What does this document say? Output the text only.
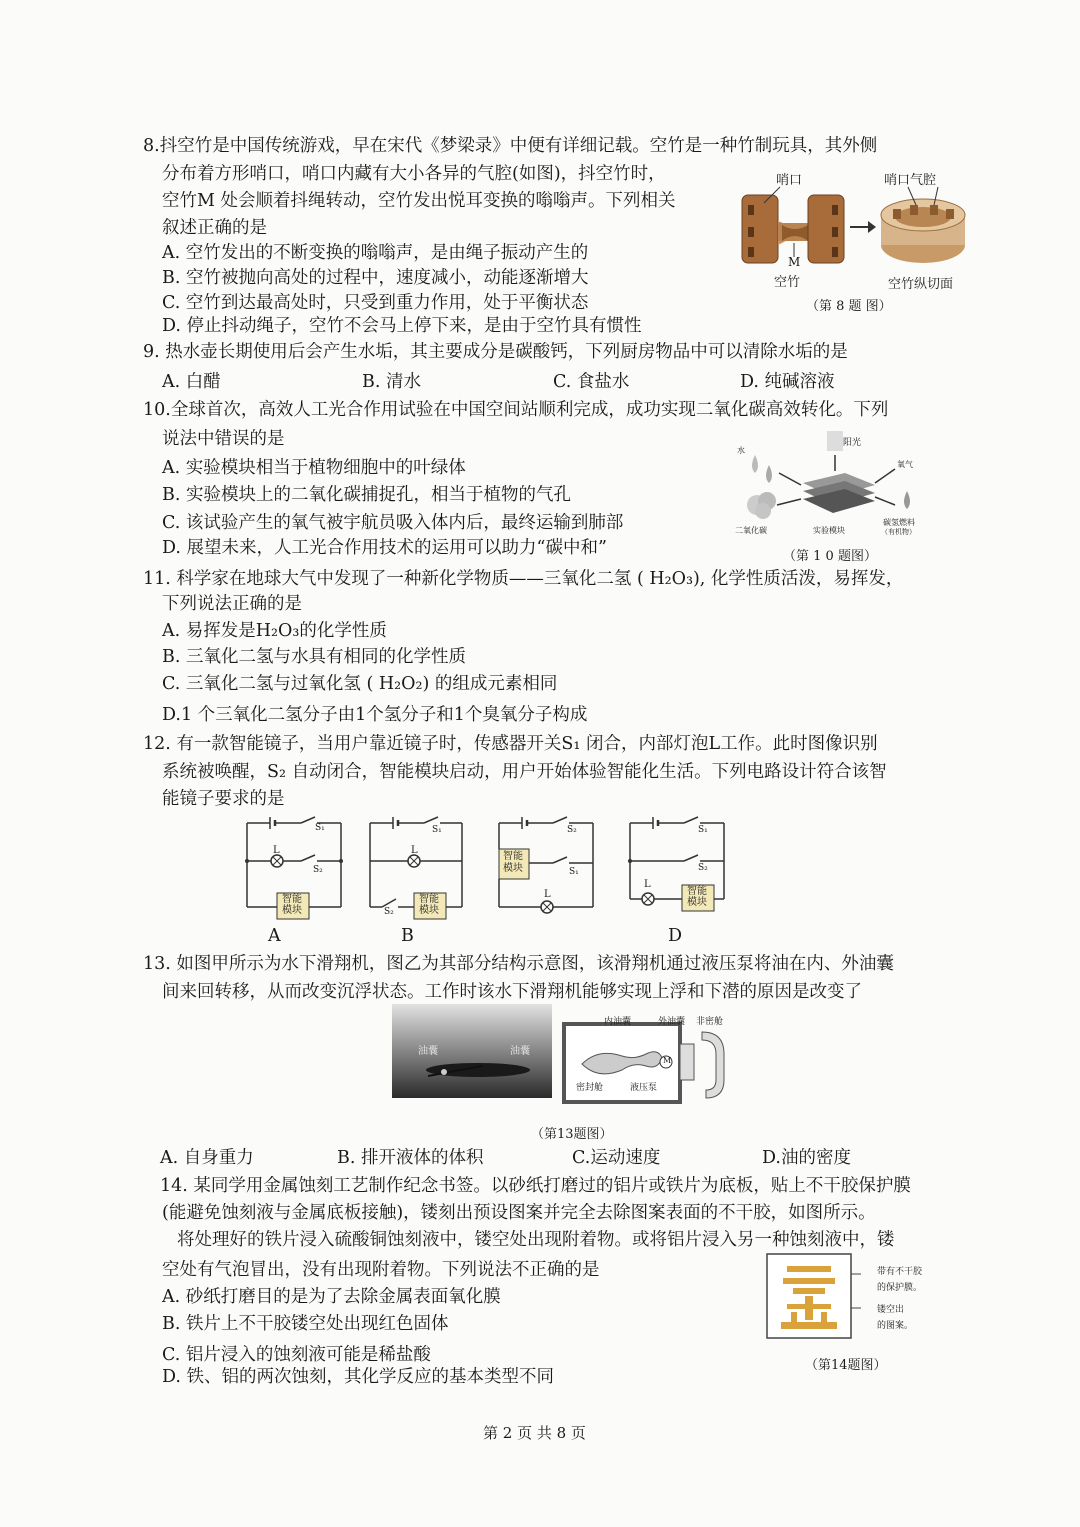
8.抖空竹是中国传统游戏，早在宋代《梦梁录》中便有详细记载。空竹是一种竹制玩具，其外侧
分布着方形哨口，哨口内藏有大小各异的气腔(如图)，抖空竹时，
空竹M 处会顺着抖绳转动，空竹发出悦耳变换的嗡嗡声。下列相关
叙述正确的是
A. 空竹发出的不断变换的嗡嗡声，是由绳子振动产生的
B. 空竹被抛向高处的过程中，速度减小，动能逐渐增大
C. 空竹到达最高处时，只受到重力作用，处于平衡状态
D. 停止抖动绳子，空竹不会马上停下来，是由于空竹具有惯性
哨口
M
空竹
哨口气腔
空竹纵切面
（第 8 题 图）
9. 热水壶长期使用后会产生水垢，其主要成分是碳酸钙，下列厨房物品中可以清除水垢的是
A. 白醋	B. 清水	C. 食盐水	D. 纯碱溶液
10.全球首次，高效人工光合作用试验在中国空间站顺利完成，成功实现二氧化碳高效转化。下列
说法中错误的是
A. 实验模块相当于植物细胞中的叶绿体
B. 实验模块上的二氧化碳捕捉孔，相当于植物的气孔
C. 该试验产生的氧气被宇航员吸入体内后，最终运输到肺部
D. 展望未来，人工光合作用技术的运用可以助力“碳中和”
水
阳光
氧气
二氧化碳	实验模块
碳氢燃料
（有机物）
（第 1 0 题图）
11. 科学家在地球大气中发现了一种新化学物质——三氧化二氢 ( H₂O₃), 化学性质活泼，易挥发，
下列说法正确的是
A. 易挥发是H₂O₃的化学性质
B. 三氧化二氢与水具有相同的化学性质
C. 三氧化二氢与过氧化氢 ( H₂O₂) 的组成元素相同
D.1 个三氧化二氢分子由1个氢分子和1个臭氧分子构成
12. 有一款智能镜子，当用户靠近镜子时，传感器开关S₁ 闭合，内部灯泡L工作。此时图像识别
系统被唤醒，S₂ 自动闭合，智能模块启动，用户开始体验智能化生活。下列电路设计符合该智
能镜子要求的是
S₁
L
S₂
智能
模块
A
S₁
L
S₂
智能
模块
B
S₂
智能
模块	S₁
L
S₁
S₂
L
智能
模块
D
13. 如图甲所示为水下滑翔机，图乙为其部分结构示意图，该滑翔机通过液压泵将油在内、外油囊
间来回转移，从而改变沉浮状态。工作时该水下滑翔机能够实现上浮和下潜的原因是改变了
油囊	油囊
内油囊	外油囊 非密舱
M
密封舱	液压泵
（第13题图）
A. 自身重力	B. 排开液体的体积	C.运动速度	D.油的密度
14. 某同学用金属蚀刻工艺制作纪念书签。以砂纸打磨过的铝片或铁片为底板，贴上不干胶保护膜
(能避免蚀刻液与金属底板接触)，镂刻出预设图案并完全去除图案表面的不干胶，如图所示。
将处理好的铁片浸入硫酸铜蚀刻液中，镂空处出现附着物。或将铝片浸入另一种蚀刻液中，镂
空处有气泡冒出，没有出现附着物。下列说法不正确的是
A. 砂纸打磨目的是为了去除金属表面氧化膜
B. 铁片上不干胶镂空处出现红色固体
C. 铝片浸入的蚀刻液可能是稀盐酸
D. 铁、铝的两次蚀刻，其化学反应的基本类型不同
带有不干胶
的保护膜。
镂空出
的图案。
（第14题图）
第 2 页 共 8 页
